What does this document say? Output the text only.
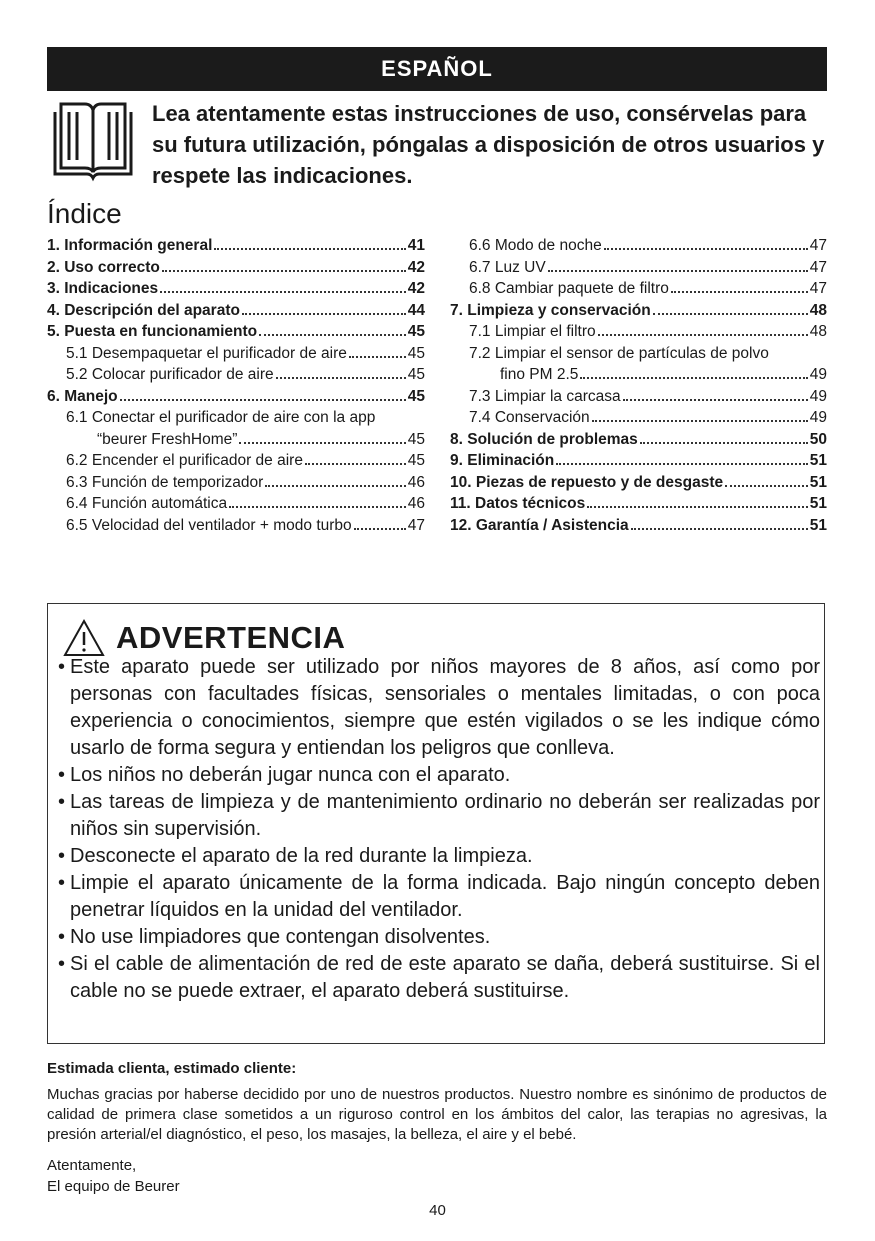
ESPAÑOL
Lea atentamente estas instrucciones de uso, consérvelas para su futura utilización, póngalas a disposición de otros usuarios y respete las indicaciones.
Índice
1. Información general	41
2. Uso correcto	42
3. Indicaciones	42
4. Descripción del aparato	44
5. Puesta en funcionamiento	45
5.1 Desempaquetar el purificador de aire	45
5.2 Colocar purificador de aire	45
6. Manejo	45
6.1 Conectar el purificador de aire con la app
“beurer FreshHome”	45
6.2 Encender el purificador de aire	45
6.3 Función de temporizador	46
6.4 Función automática	46
6.5 Velocidad del ventilador + modo turbo	47
6.6 Modo de noche	47
6.7 Luz UV	47
6.8 Cambiar paquete de filtro	47
7. Limpieza y conservación	48
7.1 Limpiar el filtro	48
7.2 Limpiar el sensor de partículas de polvo
fino PM 2.5	49
7.3 Limpiar la carcasa	49
7.4 Conservación	49
8. Solución de problemas	50
9. Eliminación	51
10. Piezas de repuesto y de desgaste	51
11. Datos técnicos	51
12. Garantía / Asistencia	51
ADVERTENCIA
• Este aparato puede ser utilizado por niños mayores de 8 años, así como por personas con facultades físicas, sensoriales o mentales limitadas, o con poca experiencia o conocimientos, siempre que estén vigilados o se les indique cómo usarlo de forma segura y entiendan los peligros que conlleva.
• Los niños no deberán jugar nunca con el aparato.
• Las tareas de limpieza y de mantenimiento ordinario no deberán ser realizadas por niños sin supervisión.
• Desconecte el aparato de la red durante la limpieza.
• Limpie el aparato únicamente de la forma indicada. Bajo ningún concepto deben penetrar líquidos en la unidad del ventilador.
• No use limpiadores que contengan disolventes.
• Si el cable de alimentación de red de este aparato se daña, deberá sustituirse. Si el cable no se puede extraer, el aparato deberá sustituirse.
Estimada clienta, estimado cliente:
Muchas gracias por haberse decidido por uno de nuestros productos. Nuestro nombre es sinónimo de productos de calidad de primera clase sometidos a un riguroso control en los ámbitos del calor, las terapias no agresivas, la presión arterial/el diagnóstico, el peso, los masajes, la belleza, el aire y el bebé.
Atentamente,
El equipo de Beurer
40
